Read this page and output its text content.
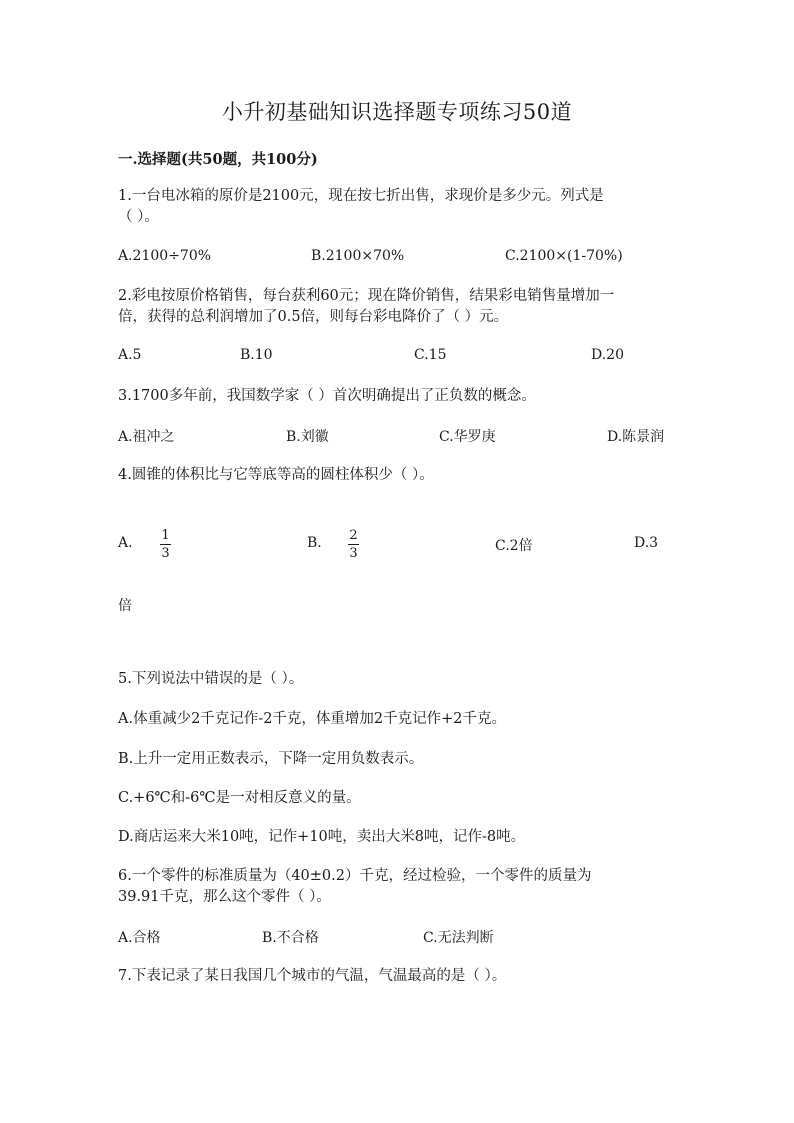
小升初基础知识选择题专项练习50道
一.选择题(共50题，共100分)
1.一台电冰箱的原价是2100元，现在按七折出售，求现价是多少元。列式是
（ ）。
A.2100÷70%	B.2100×70%	C.2100×(1-70%)
2.彩电按原价格销售，每台获利60元；现在降价销售，结果彩电销售量增加一
倍，获得的总利润增加了0.5倍，则每台彩电降价了（ ）元。
A.5	B.10	C.15	D.20
3.1700多年前，我国数学家（ ）首次明确提出了正负数的概念。
A.祖冲之	B.刘徽	C.华罗庚	D.陈景润
4.圆锥的体积比与它等底等高的圆柱体积少（ ）。
A. 1
3
B. 2
3	C.2倍	D.3
倍
5.下列说法中错误的是（ ）。
A.体重减少2千克记作-2千克，体重增加2千克记作+2千克。
B.上升一定用正数表示，下降一定用负数表示。
C.+6℃和-6℃是一对相反意义的量。
D.商店运来大米10吨，记作+10吨，卖出大米8吨，记作-8吨。
6.一个零件的标准质量为（40±0.2）千克，经过检验，一个零件的质量为
39.91千克，那么这个零件（ ）。
A.合格	B.不合格	C.无法判断
7.下表记录了某日我国几个城市的气温，气温最高的是（ ）。
